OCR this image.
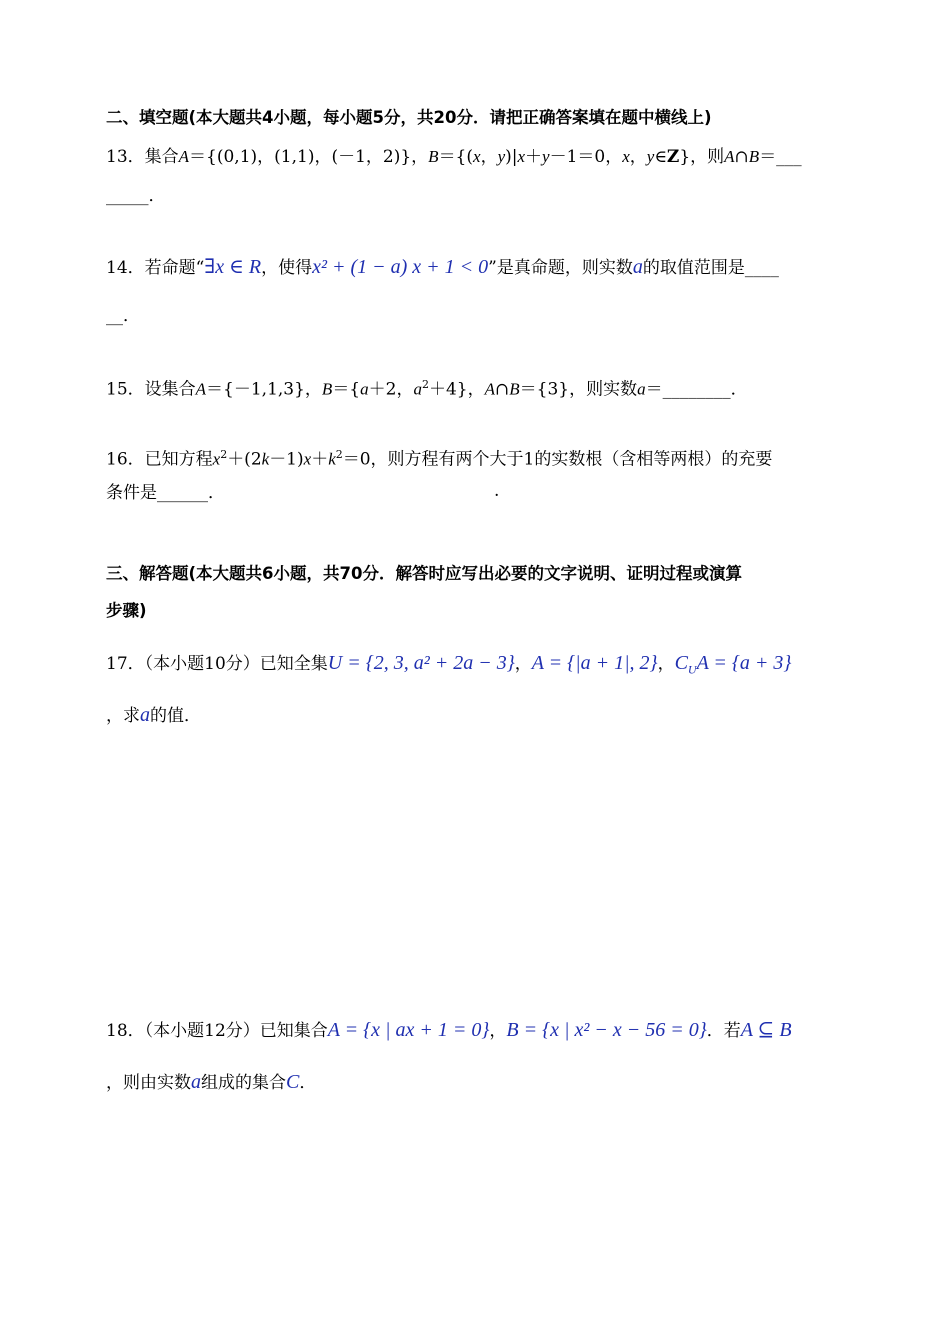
二、填空题(本大题共4小题，每小题5分，共20分．请把正确答案填在题中横线上)
13．集合A＝{(0,1)，(1,1)，(－1，2)}，B＝{(x，y)|x＋y－1＝0，x，y∈Z}，则A∩B＝___
_____．
14．若命题“∃x ∈ R，使得x² + (1 − a) x + 1 < 0”是真命题，则实数a的取值范围是____
__．
15．设集合A＝{－1,1,3}，B＝{a＋2，$a^2+4$}，A∩B＝{3}，则实数a＝________．
16．已知方程$x^2+(2k-1)x+k^2=0$，则方程有两个大于1的实数根（含相等两根）的充要
条件是______．	.
三、解答题(本大题共6小题，共70分．解答时应写出必要的文字说明、证明过程或演算
步骤)
17．（本小题10分）已知全集U = {2, 3, a² + 2a − 3}，A = {|a + 1|, 2}，$C_UA = \{a + 3\}$
，求a的值．
18．（本小题12分）已知集合A = {x | ax + 1 = 0}，B = {x | x² − x − 56 = 0}．若A ⊆ B
，则由实数a组成的集合C．
